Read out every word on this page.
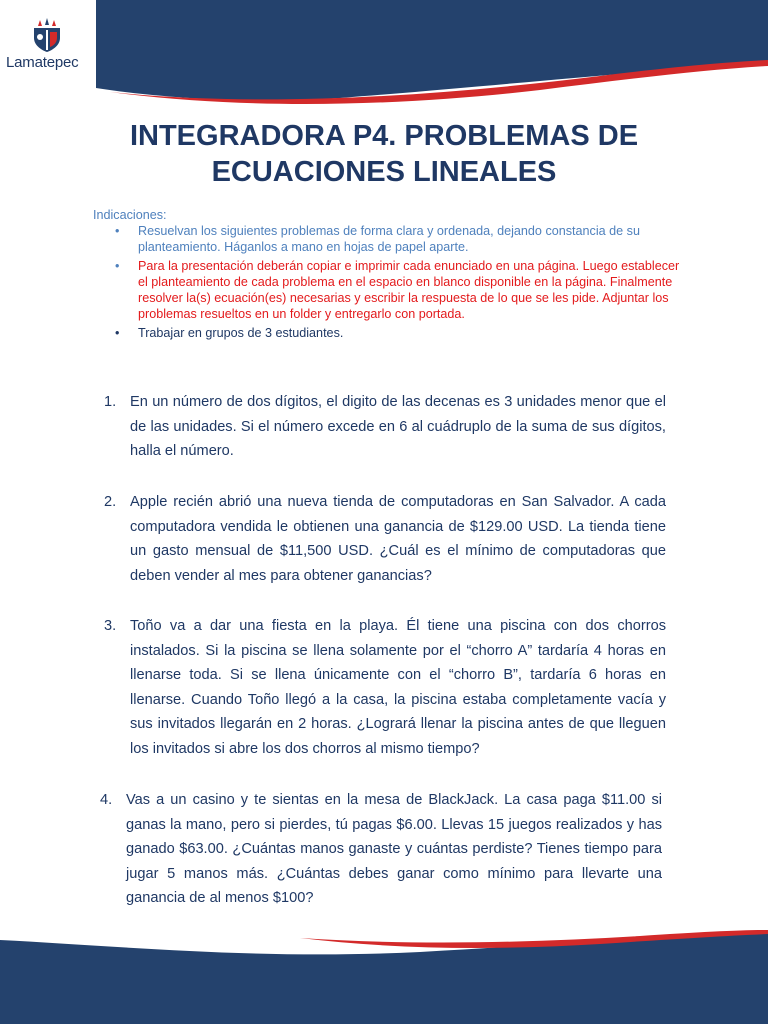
Lamatepec
INTEGRADORA P4. PROBLEMAS DE
ECUACIONES LINEALES
Indicaciones:
• Resuelvan los siguientes problemas de forma clara y ordenada, dejando constancia de su planteamiento. Háganlos a mano en hojas de papel aparte.
• Para la presentación deberán copiar e imprimir cada enunciado en una página. Luego establecer el planteamiento de cada problema en el espacio en blanco disponible en la página. Finalmente resolver la(s) ecuación(es) necesarias y escribir la respuesta de lo que se les pide. Adjuntar los problemas resueltos en un folder y entregarlo con portada.
• Trabajar en grupos de 3 estudiantes.
1. En un número de dos dígitos, el digito de las decenas es 3 unidades menor que el de las unidades. Si el número excede en 6 al cuádruplo de la suma de sus dígitos, halla el número.
2. Apple recién abrió una nueva tienda de computadoras en San Salvador. A cada computadora vendida le obtienen una ganancia de $129.00 USD. La tienda tiene un gasto mensual de $11,500 USD. ¿Cuál es el mínimo de computadoras que deben vender al mes para obtener ganancias?
3. Toño va a dar una fiesta en la playa. Él tiene una piscina con dos chorros instalados. Si la piscina se llena solamente por el “chorro A” tardaría 4 horas en llenarse toda. Si se llena únicamente con el “chorro B”, tardaría 6 horas en llenarse. Cuando Toño llegó a la casa, la piscina estaba completamente vacía y sus invitados llegarán en 2 horas. ¿Logrará llenar la piscina antes de que lleguen los invitados si abre los dos chorros al mismo tiempo?
4. Vas a un casino y te sientas en la mesa de BlackJack. La casa paga $11.00 si ganas la mano, pero si pierdes, tú pagas $6.00. Llevas 15 juegos realizados y has ganado $63.00. ¿Cuántas manos ganaste y cuántas perdiste? Tienes tiempo para jugar 5 manos más. ¿Cuántas debes ganar como mínimo para llevarte una ganancia de al menos $100?
